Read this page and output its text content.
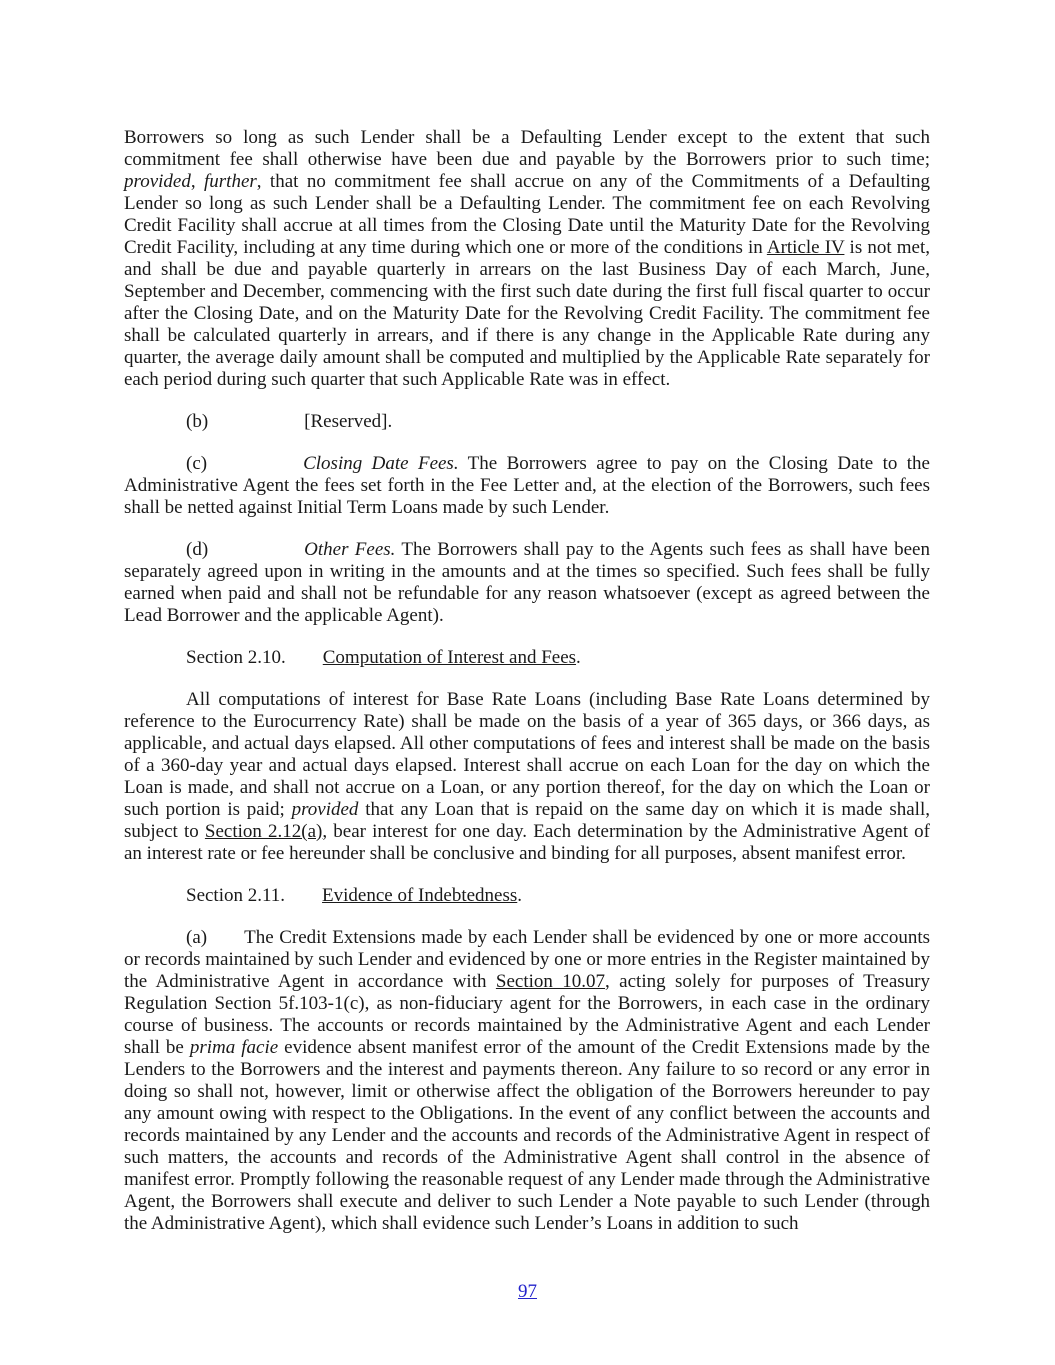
Borrowers so long as such Lender shall be a Defaulting Lender except to the extent that such commitment fee shall otherwise have been due and payable by the Borrowers prior to such time; provided, further, that no commitment fee shall accrue on any of the Commitments of a Defaulting Lender so long as such Lender shall be a Defaulting Lender. The commitment fee on each Revolving Credit Facility shall accrue at all times from the Closing Date until the Maturity Date for the Revolving Credit Facility, including at any time during which one or more of the conditions in Article IV is not met, and shall be due and payable quarterly in arrears on the last Business Day of each March, June, September and December, commencing with the first such date during the first full fiscal quarter to occur after the Closing Date, and on the Maturity Date for the Revolving Credit Facility. The commitment fee shall be calculated quarterly in arrears, and if there is any change in the Applicable Rate during any quarter, the average daily amount shall be computed and multiplied by the Applicable Rate separately for each period during such quarter that such Applicable Rate was in effect.

(b)	[Reserved].

(c)	Closing Date Fees. The Borrowers agree to pay on the Closing Date to the Administrative Agent the fees set forth in the Fee Letter and, at the election of the Borrowers, such fees shall be netted against Initial Term Loans made by such Lender.

(d)	Other Fees. The Borrowers shall pay to the Agents such fees as shall have been separately agreed upon in writing in the amounts and at the times so specified. Such fees shall be fully earned when paid and shall not be refundable for any reason whatsoever (except as agreed between the Lead Borrower and the applicable Agent).

Section 2.10. Computation of Interest and Fees.

All computations of interest for Base Rate Loans (including Base Rate Loans determined by reference to the Eurocurrency Rate) shall be made on the basis of a year of 365 days, or 366 days, as applicable, and actual days elapsed. All other computations of fees and interest shall be made on the basis of a 360-day year and actual days elapsed. Interest shall accrue on each Loan for the day on which the Loan is made, and shall not accrue on a Loan, or any portion thereof, for the day on which the Loan or such portion is paid; provided that any Loan that is repaid on the same day on which it is made shall, subject to Section 2.12(a), bear interest for one day. Each determination by the Administrative Agent of an interest rate or fee hereunder shall be conclusive and binding for all purposes, absent manifest error.

Section 2.11. Evidence of Indebtedness.

(a) The Credit Extensions made by each Lender shall be evidenced by one or more accounts or records maintained by such Lender and evidenced by one or more entries in the Register maintained by the Administrative Agent in accordance with Section 10.07, acting solely for purposes of Treasury Regulation Section 5f.103-1(c), as non-fiduciary agent for the Borrowers, in each case in the ordinary course of business. The accounts or records maintained by the Administrative Agent and each Lender shall be prima facie evidence absent manifest error of the amount of the Credit Extensions made by the Lenders to the Borrowers and the interest and payments thereon. Any failure to so record or any error in doing so shall not, however, limit or otherwise affect the obligation of the Borrowers hereunder to pay any amount owing with respect to the Obligations. In the event of any conflict between the accounts and records maintained by any Lender and the accounts and records of the Administrative Agent in respect of such matters, the accounts and records of the Administrative Agent shall control in the absence of manifest error. Promptly following the reasonable request of any Lender made through the Administrative Agent, the Borrowers shall execute and deliver to such Lender a Note payable to such Lender (through the Administrative Agent), which shall evidence such Lender’s Loans in addition to such

97
